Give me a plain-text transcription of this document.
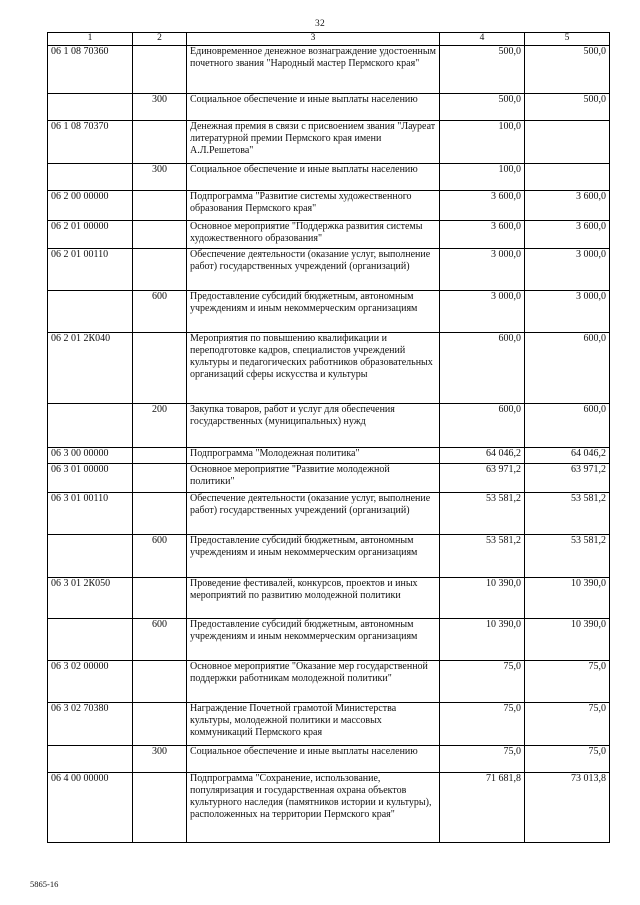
32
1	2	3	4	5
06 1 08 70360		Единовременное денежное вознаграждение удостоенным почетного звания "Народный мастер Пермского края"	500,0	500,0
	300	Социальное обеспечение и иные выплаты населению	500,0	500,0
06 1 08 70370		Денежная премия в связи с присвоением звания "Лауреат литературной премии Пермского края имени А.Л.Решетова"	100,0	
	300	Социальное обеспечение и иные выплаты населению	100,0	
06 2 00 00000		Подпрограмма "Развитие системы художественного образования Пермского края"	3 600,0	3 600,0
06 2 01 00000		Основное мероприятие "Поддержка развития системы художественного образования"	3 600,0	3 600,0
06 2 01 00110		Обеспечение деятельности (оказание услуг, выполнение работ) государственных учреждений (организаций)	3 000,0	3 000,0
	600	Предоставление субсидий бюджетным, автономным учреждениям и иным некоммерческим организациям	3 000,0	3 000,0
06 2 01 2К040		Мероприятия по повышению квалификации и переподготовке кадров, специалистов учреждений культуры и педагогических работников образовательных организаций сферы искусства и культуры	600,0	600,0
	200	Закупка товаров, работ и услуг для обеспечения государственных (муниципальных) нужд	600,0	600,0
06 3 00 00000		Подпрограмма "Молодежная политика"	64 046,2	64 046,2
06 3 01 00000		Основное мероприятие "Развитие молодежной политики"	63 971,2	63 971,2
06 3 01 00110		Обеспечение деятельности (оказание услуг, выполнение работ) государственных учреждений (организаций)	53 581,2	53 581,2
	600	Предоставление субсидий бюджетным, автономным учреждениям и иным некоммерческим организациям	53 581,2	53 581,2
06 3 01 2К050		Проведение фестивалей, конкурсов, проектов и иных мероприятий по развитию молодежной политики	10 390,0	10 390,0
	600	Предоставление субсидий бюджетным, автономным учреждениям и иным некоммерческим организациям	10 390,0	10 390,0
06 3 02 00000		Основное мероприятие "Оказание мер государственной поддержки работникам молодежной политики"	75,0	75,0
06 3 02 70380		Награждение Почетной грамотой Министерства культуры, молодежной политики и массовых коммуникаций Пермского края	75,0	75,0
	300	Социальное обеспечение и иные выплаты населению	75,0	75,0
06 4 00 00000		Подпрограмма "Сохранение, использование, популяризация и государственная охрана объектов культурного наследия (памятников истории и культуры), расположенных на территории Пермского края"	71 681,8	73 013,8
5865-16
